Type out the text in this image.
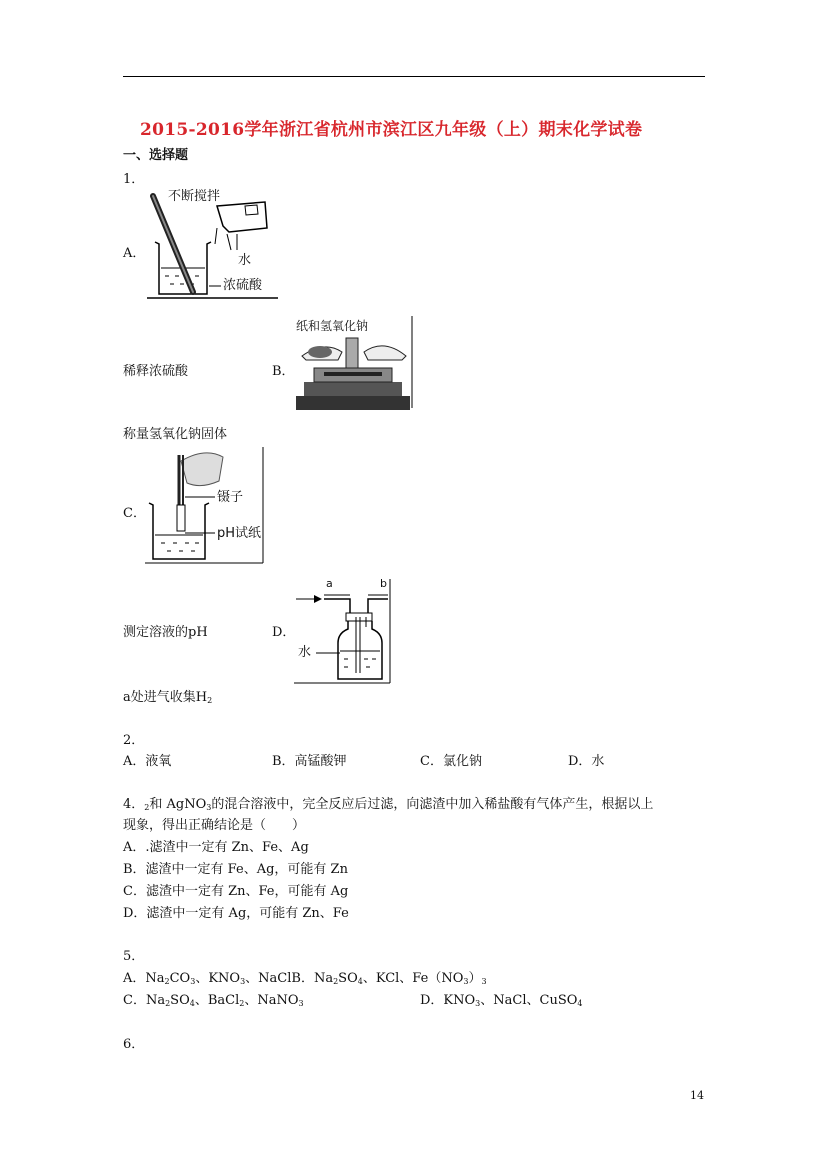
2015-2016学年浙江省杭州市滨江区九年级（上）期末化学试卷
一、选择题
1．
不断搅拌
水
浓硫酸
A．
稀释浓硫酸
纸和氢氧化钠
B．
称量氢氧化钠固体
镊子
pH试纸
C．
测定溶液的pH
a	b
水
D．
a处进气收集$H_2$
2．
A．液氧	B．高锰酸钾	C．氯化钠	D．水
4．$_2$和 AgNO$_3$的混合溶液中，完全反应后过滤，向滤渣中加入稀盐酸有气体产生，根据以上
现象，得出正确结论是（　　）
A．.滤渣中一定有 Zn、Fe、Ag
B．滤渣中一定有 Fe、Ag，可能有 Zn
C．滤渣中一定有 Zn、Fe，可能有 Ag
D．滤渣中一定有 Ag，可能有 Zn、Fe
5．
A．$Na_2CO_3$、$KNO_3$、NaClB．$Na_2SO_4$、KCl、$Fe(NO_3)_3$
C．$Na_2SO_4$、BaCl$_2$、NaNO$_3$	D．$KNO_3$、NaCl、CuSO$_4$
6．
14
